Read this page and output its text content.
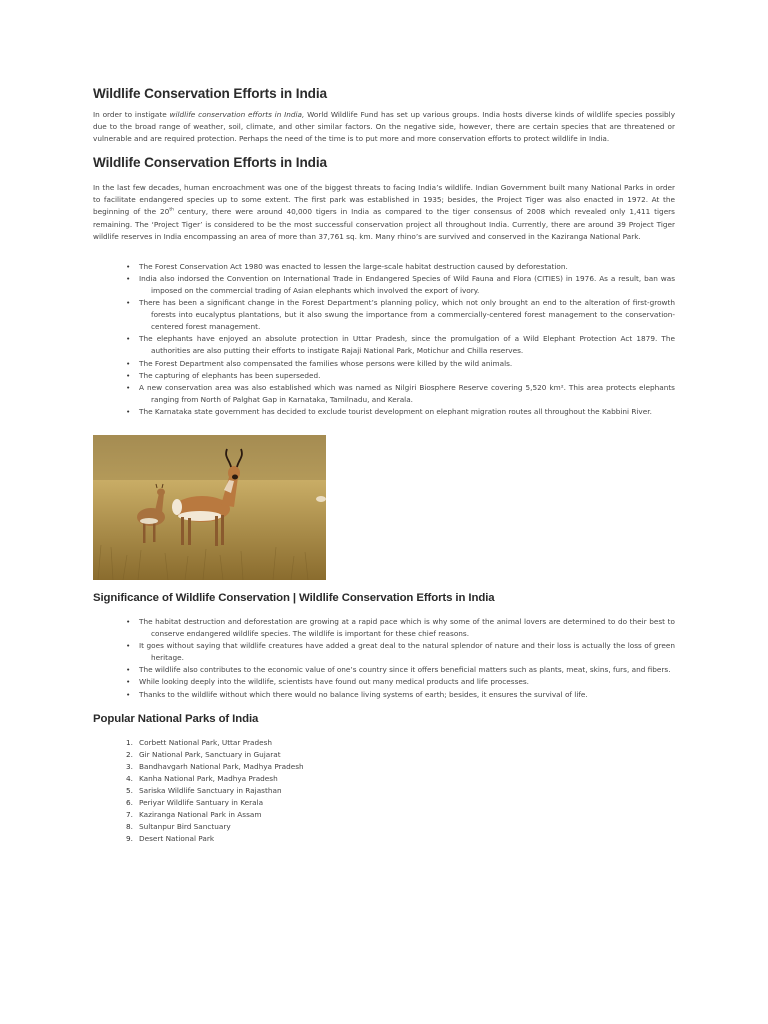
Wildlife Conservation Efforts in India

In order to instigate wildlife conservation efforts in India, World Wildlife Fund has set up various groups. India hosts diverse kinds of wildlife species possibly due to the broad range of weather, soil, climate, and other similar factors. On the negative side, however, there are certain species that are threatened or vulnerable and are required protection. Perhaps the need of the time is to put more and more conservation efforts to protect wildlife in India.

Wildlife Conservation Efforts in India

In the last few decades, human encroachment was one of the biggest threats to facing India’s wildlife. Indian Government built many National Parks in order to facilitate endangered species up to some extent. The first park was established in 1935; besides, the Project Tiger was also enacted in 1972. At the beginning of the 20th century, there were around 40,000 tigers in India as compared to the tiger consensus of 2008 which revealed only 1,411 tigers remaining. The ‘Project Tiger’ is considered to be the most successful conservation project all throughout India. Currently, there are around 39 Project Tiger wildlife reserves in India encompassing an area of more than 37,761 sq. km. Many rhino’s are survived and conserved in the Kaziranga National Park.

• The Forest Conservation Act 1980 was enacted to lessen the large-scale habitat destruction caused by deforestation.
• India also indorsed the Convention on International Trade in Endangered Species of Wild Fauna and Flora (CITIES) in 1976. As a result, ban was imposed on the commercial trading of Asian elephants which involved the export of ivory.
• There has been a significant change in the Forest Department’s planning policy, which not only brought an end to the alteration of first-growth forests into eucalyptus plantations, but it also swung the importance from a commercially-centered forest management to the conservation-centered forest management.
• The elephants have enjoyed an absolute protection in Uttar Pradesh, since the promulgation of a Wild Elephant Protection Act 1879. The authorities are also putting their efforts to instigate Rajaji National Park, Motichur and Chilla reserves.
• The Forest Department also compensated the families whose persons were killed by the wild animals.
• The capturing of elephants has been superseded.
• A new conservation area was also established which was named as Nilgiri Biosphere Reserve covering 5,520 km². This area protects elephants ranging from North of Palghat Gap in Karnataka, Tamilnadu, and Kerala.
• The Karnataka state government has decided to exclude tourist development on elephant migration routes all throughout the Kabbini River.
Significance of Wildlife Conservation | Wildlife Conservation Efforts in India
• The habitat destruction and deforestation are growing at a rapid pace which is why some of the animal lovers are determined to do their best to conserve endangered wildlife species. The wildlife is important for these chief reasons.
• It goes without saying that wildlife creatures have added a great deal to the natural splendor of nature and their loss is actually the loss of green heritage.
• The wildlife also contributes to the economic value of one’s country since it offers beneficial matters such as plants, meat, skins, furs, and fibers.
• While looking deeply into the wildlife, scientists have found out many medical products and life processes.
• Thanks to the wildlife without which there would no balance living systems of earth; besides, it ensures the survival of life.
Popular National Parks of India
1. Corbett National Park, Uttar Pradesh
2. Gir National Park, Sanctuary in Gujarat
3. Bandhavgarh National Park, Madhya Pradesh
4. Kanha National Park, Madhya Pradesh
5. Sariska Wildlife Sanctuary in Rajasthan
6. Periyar Wildlife Santuary in Kerala
7. Kaziranga National Park in Assam
8. Sultanpur Bird Sanctuary
9. Desert National Park
